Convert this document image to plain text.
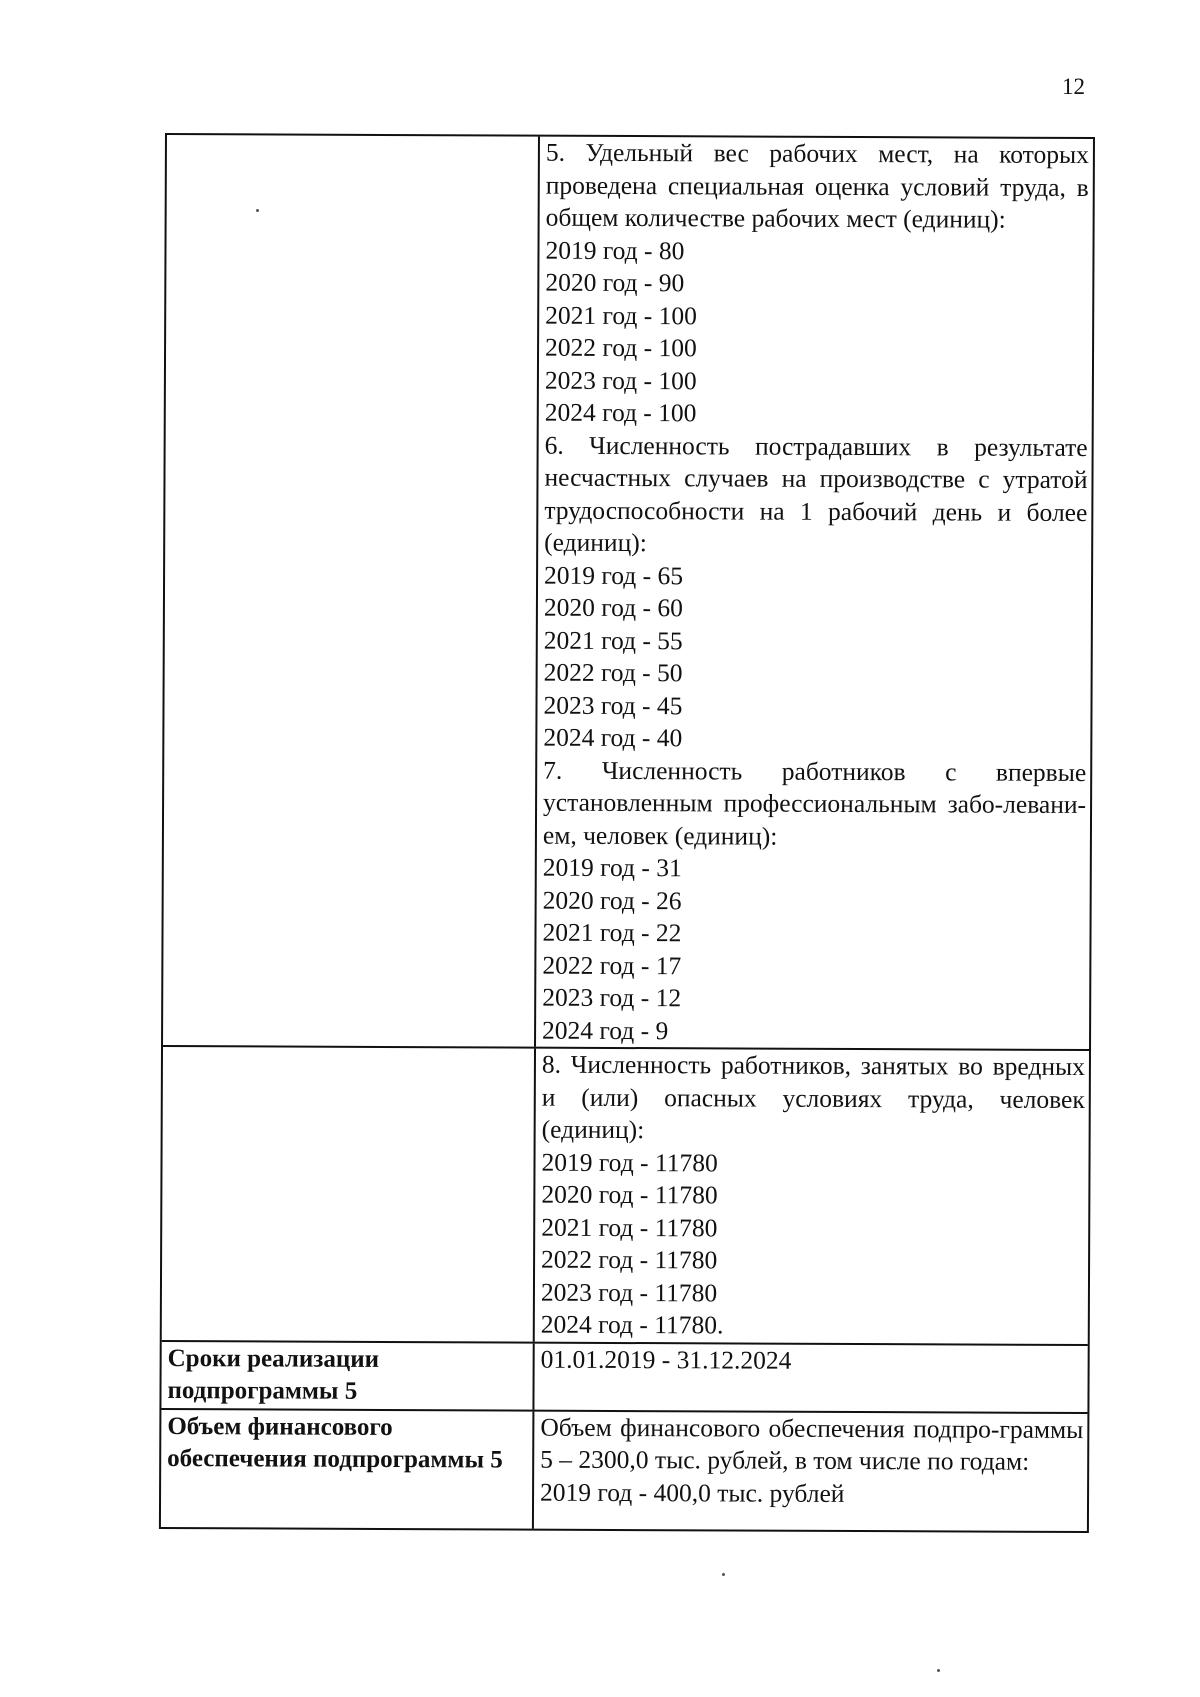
12

5. Удельный вес рабочих мест, на которых проведена специальная оценка условий труда, в общем количестве рабочих мест (единиц):

2019 год - 80

2020 год - 90

2021 год - 100

2022 год - 100

2023 год - 100

2024 год - 100

6. Численность пострадавших в результате несчастных случаев на производстве с утратой трудоспособности на 1 рабочий день и более (единиц):

2019 год - 65

2020 год - 60

2021 год - 55

2022 год - 50

2023 год - 45

2024 год - 40

7. Численность работников с впервые установленным профессиональным забо-леванием, человек (единиц):

2019 год - 31

2020 год - 26

2021 год - 22

2022 год - 17

2023 год - 12

2024 год - 9

8. Численность работников, занятых во вредных и (или) опасных условиях труда, человек (единиц):

2019 год - 11780

2020 год - 11780

2021 год - 11780

2022 год - 11780

2023 год - 11780

2024 год - 11780.

Сроки реализации подпрограммы 5

01.01.2019 - 31.12.2024

Объем финансового обеспечения подпрограммы 5

Объем финансового обеспечения подпро-граммы 5 – 2300,0 тыс. рублей, в том числе по годам:

2019 год - 400,0 тыс. рублей
